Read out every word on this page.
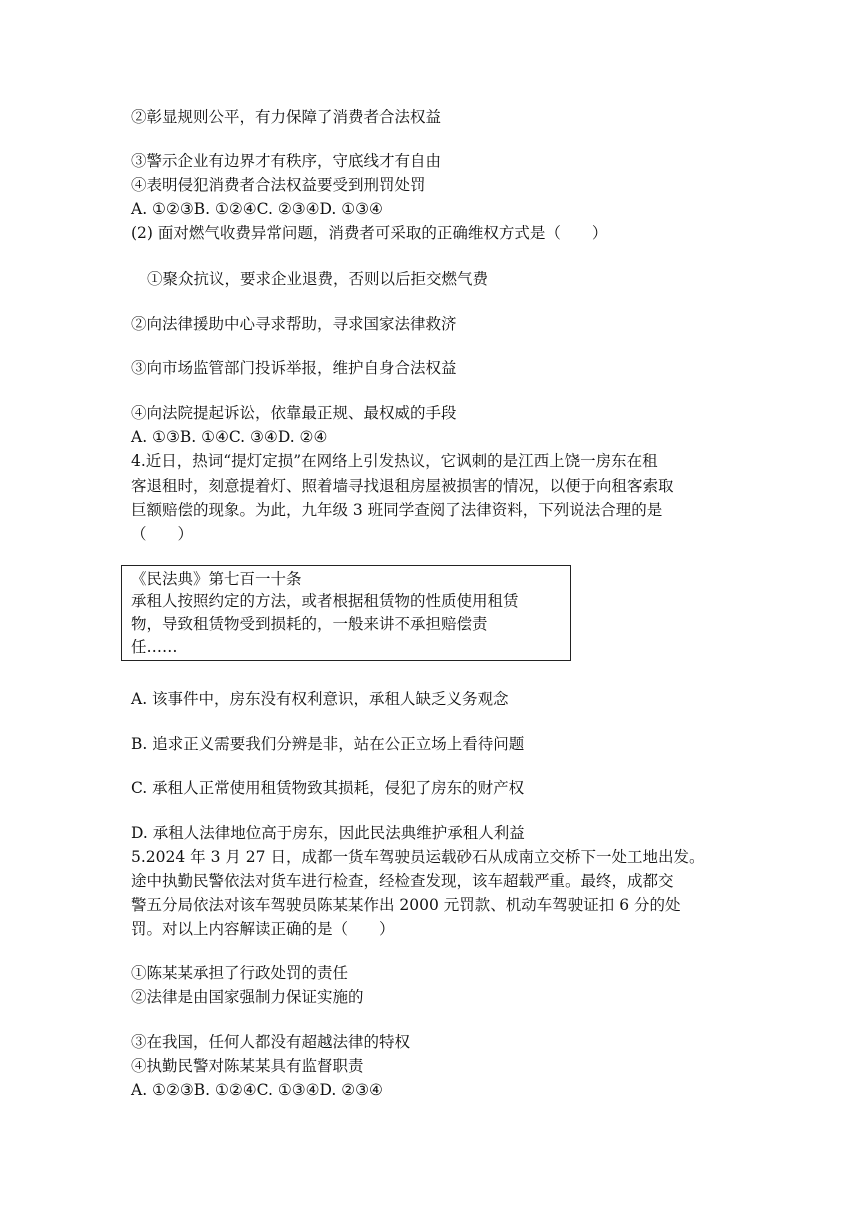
②彰显规则公平，有力保障了消费者合法权益
③警示企业有边界才有秩序，守底线才有自由
④表明侵犯消费者合法权益要受到刑罚处罚
A. ①②③B. ①②④C. ②③④D. ①③④
(2) 面对燃气收费异常问题，消费者可采取的正确维权方式是（　　）
①聚众抗议，要求企业退费，否则以后拒交燃气费
②向法律援助中心寻求帮助，寻求国家法律救济
③向市场监管部门投诉举报，维护自身合法权益
④向法院提起诉讼，依靠最正规、最权威的手段
A. ①③B. ①④C. ③④D. ②④
4.近日，热词“提灯定损”在网络上引发热议，它讽刺的是江西上饶一房东在租
客退租时，刻意提着灯、照着墙寻找退租房屋被损害的情况，以便于向租客索取
巨额赔偿的现象。为此，九年级 3 班同学查阅了法律资料，下列说法合理的是
（　　）
《民法典》第七百一十条
承租人按照约定的方法，或者根据租赁物的性质使用租赁
物，导致租赁物受到损耗的，一般来讲不承担赔偿责
任……
A. 该事件中，房东没有权利意识，承租人缺乏义务观念
B. 追求正义需要我们分辨是非，站在公正立场上看待问题
C. 承租人正常使用租赁物致其损耗，侵犯了房东的财产权
D. 承租人法律地位高于房东，因此民法典维护承租人利益
5.2024 年 3 月 27 日，成都一货车驾驶员运载砂石从成南立交桥下一处工地出发。
途中执勤民警依法对货车进行检查，经检查发现，该车超载严重。最终，成都交
警五分局依法对该车驾驶员陈某某作出 2000 元罚款、机动车驾驶证扣 6 分的处
罚。对以上内容解读正确的是（　　）
①陈某某承担了行政处罚的责任
②法律是由国家强制力保证实施的
③在我国，任何人都没有超越法律的特权
④执勤民警对陈某某具有监督职责
A. ①②③B. ①②④C. ①③④D. ②③④
